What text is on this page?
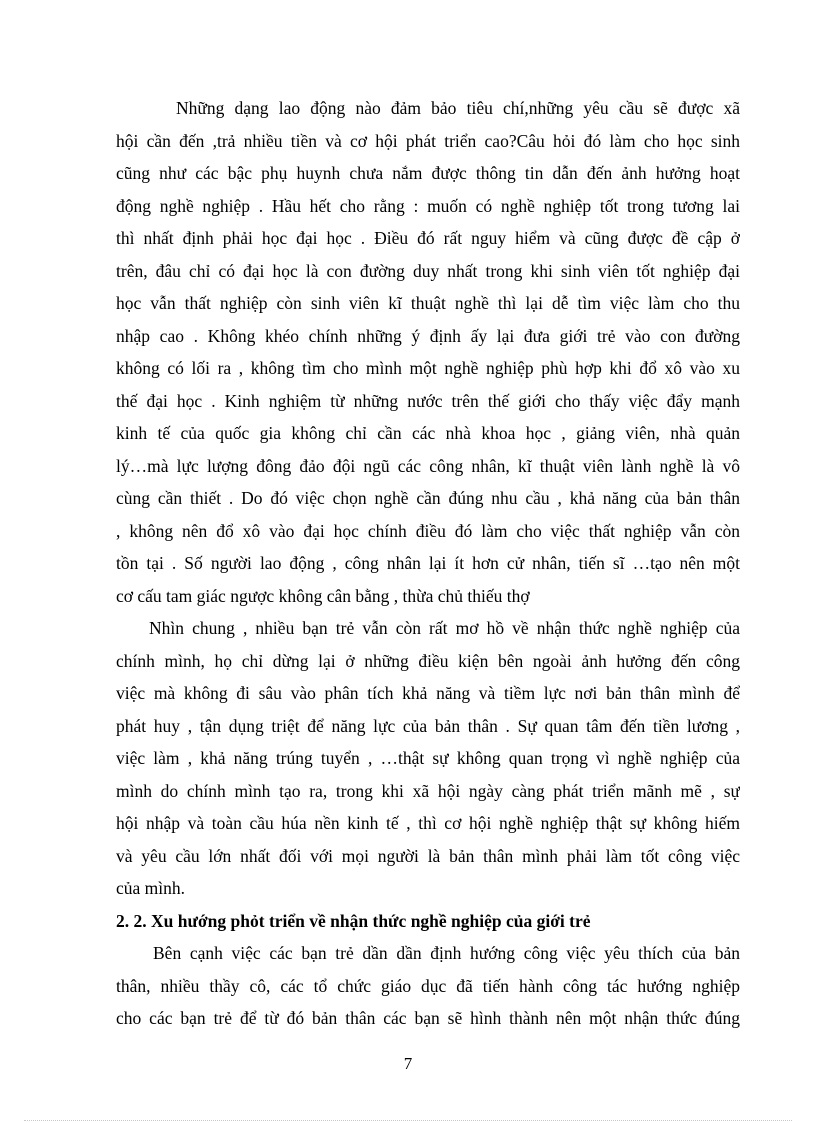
Những dạng lao động nào đảm bảo tiêu chí,những yêu cầu sẽ được xã
hội cần đến ,trả nhiều tiền và cơ hội phát triển cao?Câu hỏi đó làm cho học sinh
cũng như các bậc phụ huynh chưa nắm được thông tin dẫn đến ảnh hưởng hoạt
động nghề nghiệp . Hầu hết cho rằng : muốn có nghề nghiệp tốt trong tương lai
thì nhất định phải học đại học . Điều đó rất nguy hiểm và cũng được đề cập ở
trên, đâu chỉ có đại học là con đường duy nhất trong khi sinh viên tốt nghiệp đại
học vẫn thất nghiệp còn sinh viên kĩ thuật nghề thì lại dễ tìm việc làm cho thu
nhập cao . Không khéo chính những ý định ấy lại đưa giới trẻ vào con đường
không có lối ra , không tìm cho mình một nghề nghiệp phù hợp khi đổ xô vào xu
thế đại học . Kinh nghiệm từ những nước trên thế giới cho thấy việc đẩy mạnh
kinh tế của quốc gia không chỉ cần các nhà khoa học , giảng viên, nhà quản
lý…mà lực lượng đông đảo đội ngũ các công nhân, kĩ thuật viên lành nghề là vô
cùng cần thiết . Do đó việc chọn nghề cần đúng nhu cầu , khả năng của bản thân
, không nên đổ xô vào đại học chính điều đó làm cho việc thất nghiệp vẫn còn
tồn tại . Số người lao động , công nhân lại ít hơn cử nhân, tiến sĩ …tạo nên một
cơ cấu tam giác ngược không cân bằng , thừa chủ thiếu thợ
Nhìn chung , nhiều bạn trẻ vẫn còn rất mơ hồ về nhận thức nghề nghiệp của
chính mình, họ chỉ dừng lại ở những điều kiện bên ngoài ảnh hưởng đến công
việc mà không đi sâu vào phân tích khả năng và tiềm lực nơi bản thân mình để
phát huy , tận dụng triệt để năng lực của bản thân . Sự quan tâm đến tiền lương ,
việc làm , khả năng trúng tuyển , …thật sự không quan trọng vì nghề nghiệp của
mình do chính mình tạo ra, trong khi xã hội ngày càng phát triển mãnh mẽ , sự
hội nhập và toàn cầu húa nền kinh tế , thì cơ hội nghề nghiệp thật sự không hiếm
và yêu cầu lớn nhất đối với mọi người là bản thân mình phải làm tốt công việc
của mình.
2. 2. Xu hướng phỏt triển về nhận thức nghề nghiệp của giới trẻ
Bên cạnh việc các bạn trẻ dần dần định hướng công việc yêu thích của bản
thân, nhiều thầy cô, các tổ chức giáo dục đã tiến hành công tác hướng nghiệp
cho các bạn trẻ để từ đó bản thân các bạn sẽ hình thành nên một nhận thức đúng
7
